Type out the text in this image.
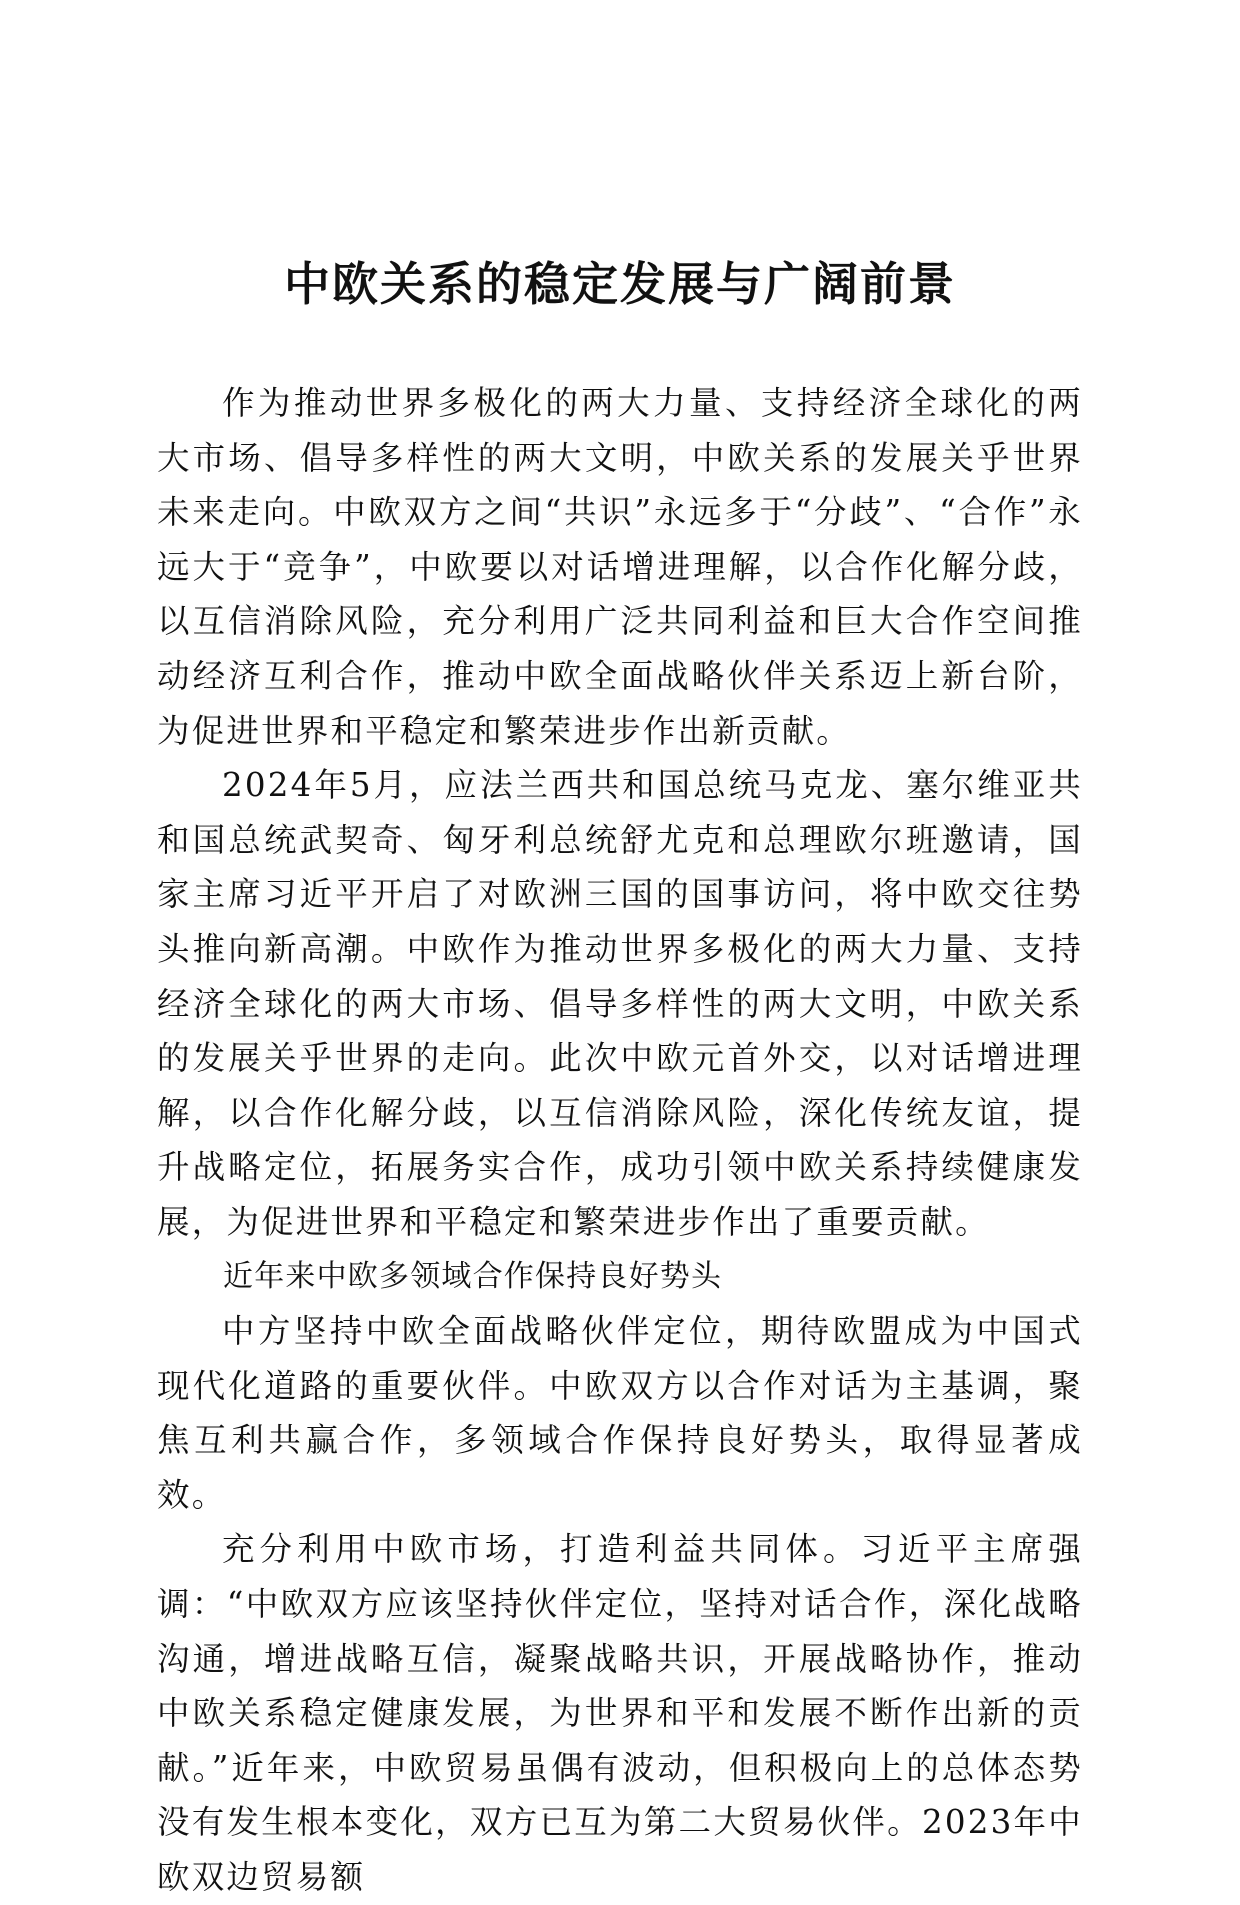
中欧关系的稳定发展与广阔前景

作为推动世界多极化的两大力量、支持经济全球化的两大市场、倡导多样性的两大文明，中欧关系的发展关乎世界未来走向。中欧双方之间“共识”永远多于“分歧”、“合作”永远大于“竞争”，中欧要以对话增进理解，以合作化解分歧，以互信消除风险，充分利用广泛共同利益和巨大合作空间推动经济互利合作，推动中欧全面战略伙伴关系迈上新台阶，为促进世界和平稳定和繁荣进步作出新贡献。

2024年5月，应法兰西共和国总统马克龙、塞尔维亚共和国总统武契奇、匈牙利总统舒尤克和总理欧尔班邀请，国家主席习近平开启了对欧洲三国的国事访问，将中欧交往势头推向新高潮。中欧作为推动世界多极化的两大力量、支持经济全球化的两大市场、倡导多样性的两大文明，中欧关系的发展关乎世界的走向。此次中欧元首外交，以对话增进理解，以合作化解分歧，以互信消除风险，深化传统友谊，提升战略定位，拓展务实合作，成功引领中欧关系持续健康发展，为促进世界和平稳定和繁荣进步作出了重要贡献。

近年来中欧多领域合作保持良好势头

中方坚持中欧全面战略伙伴定位，期待欧盟成为中国式现代化道路的重要伙伴。中欧双方以合作对话为主基调，聚焦互利共赢合作，多领域合作保持良好势头，取得显著成效。

充分利用中欧市场，打造利益共同体。习近平主席强调：“中欧双方应该坚持伙伴定位，坚持对话合作，深化战略沟通，增进战略互信，凝聚战略共识，开展战略协作，推动中欧关系稳定健康发展，为世界和平和发展不断作出新的贡献。”近年来，中欧贸易虽偶有波动，但积极向上的总体态势没有发生根本变化，双方已互为第二大贸易伙伴。2023年中欧双边贸易额
